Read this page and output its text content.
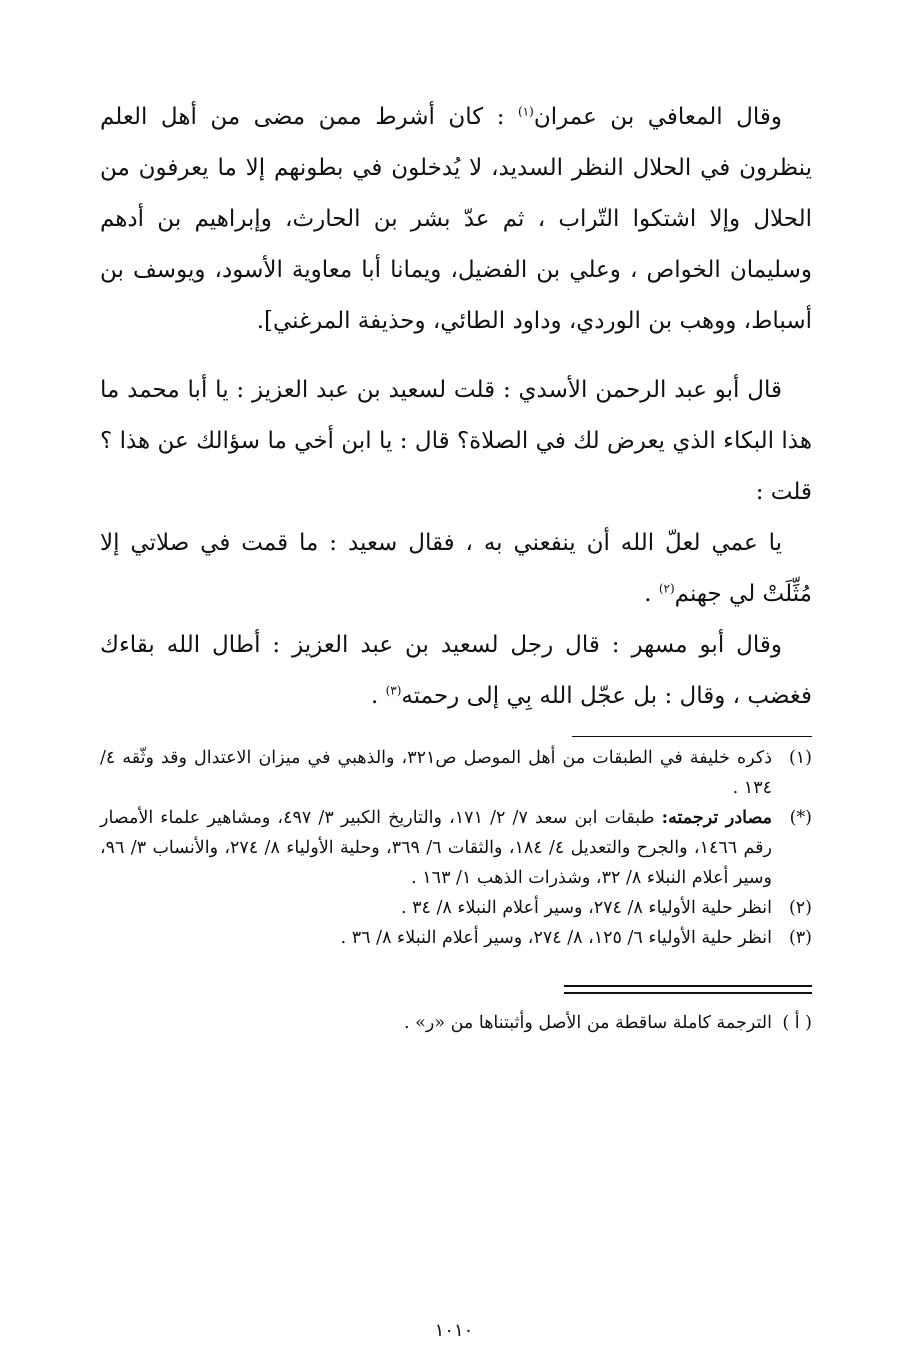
وقال المعافي بن عمران$^{(١)}$ : كان أشرط ممن مضى من أهل العلم ينظرون في الحلال النظر السديد، لا يُدخلون في بطونهم إلا ما يعرفون من الحلال وإلا اشتكوا التّراب ، ثم عدّ بشر بن الحارث، وإبراهيم بن أدهم وسليمان الخواص ، وعلي بن الفضيل، ويمانا أبا معاوية الأسود، ويوسف بن أسباط، ووهب بن الوردي، وداود الطائي، وحذيفة المرغني].

قال أبو عبد الرحمن الأسدي : قلت لسعيد بن عبد العزيز : يا أبا محمد ما هذا البكاء الذي يعرض لك في الصلاة؟ قال : يا ابن أخي ما سؤالك عن هذا ؟ قلت :

يا عمي لعلّ الله أن ينفعني به ، فقال سعيد : ما قمت في صلاتي إلا مُثِّلَتْ لي جهنم$^{(٢)}$ .

وقال أبو مسهر : قال رجل لسعيد بن عبد العزيز : أطال الله بقاءك فغضب ، وقال : بل عجّل الله بِي إلى رحمته$^{(٣)}$ .

(١)
ذكره خليفة في الطبقات من أهل الموصل ص٣٢١، والذهبي في ميزان الاعتدال وقد وثّقه ٤/ ١٣٤ .

(*)
مصادر ترجمته: طبقات ابن سعد ٧/ ٢/ ١٧١، والتاريخ الكبير ٣/ ٤٩٧، ومشاهير علماء الأمصار رقم ١٤٦٦، والجرح والتعديل ٤/ ١٨٤، والثقات ٦/ ٣٦٩، وحلية الأولياء ٨/ ٢٧٤، والأنساب ٣/ ٩٦، وسير أعلام النبلاء ٨/ ٣٢، وشذرات الذهب ١/ ١٦٣ .

(٢)
انظر حلية الأولياء ٨/ ٢٧٤، وسير أعلام النبلاء ٨/ ٣٤ .

(٣)
انظر حلية الأولياء ٦/ ١٢٥، ٨/ ٢٧٤، وسير أعلام النبلاء ٨/ ٣٦ .

( أ )
الترجمة كاملة ساقطة من الأصل وأثبتناها من «ر» .

١٠١٠
